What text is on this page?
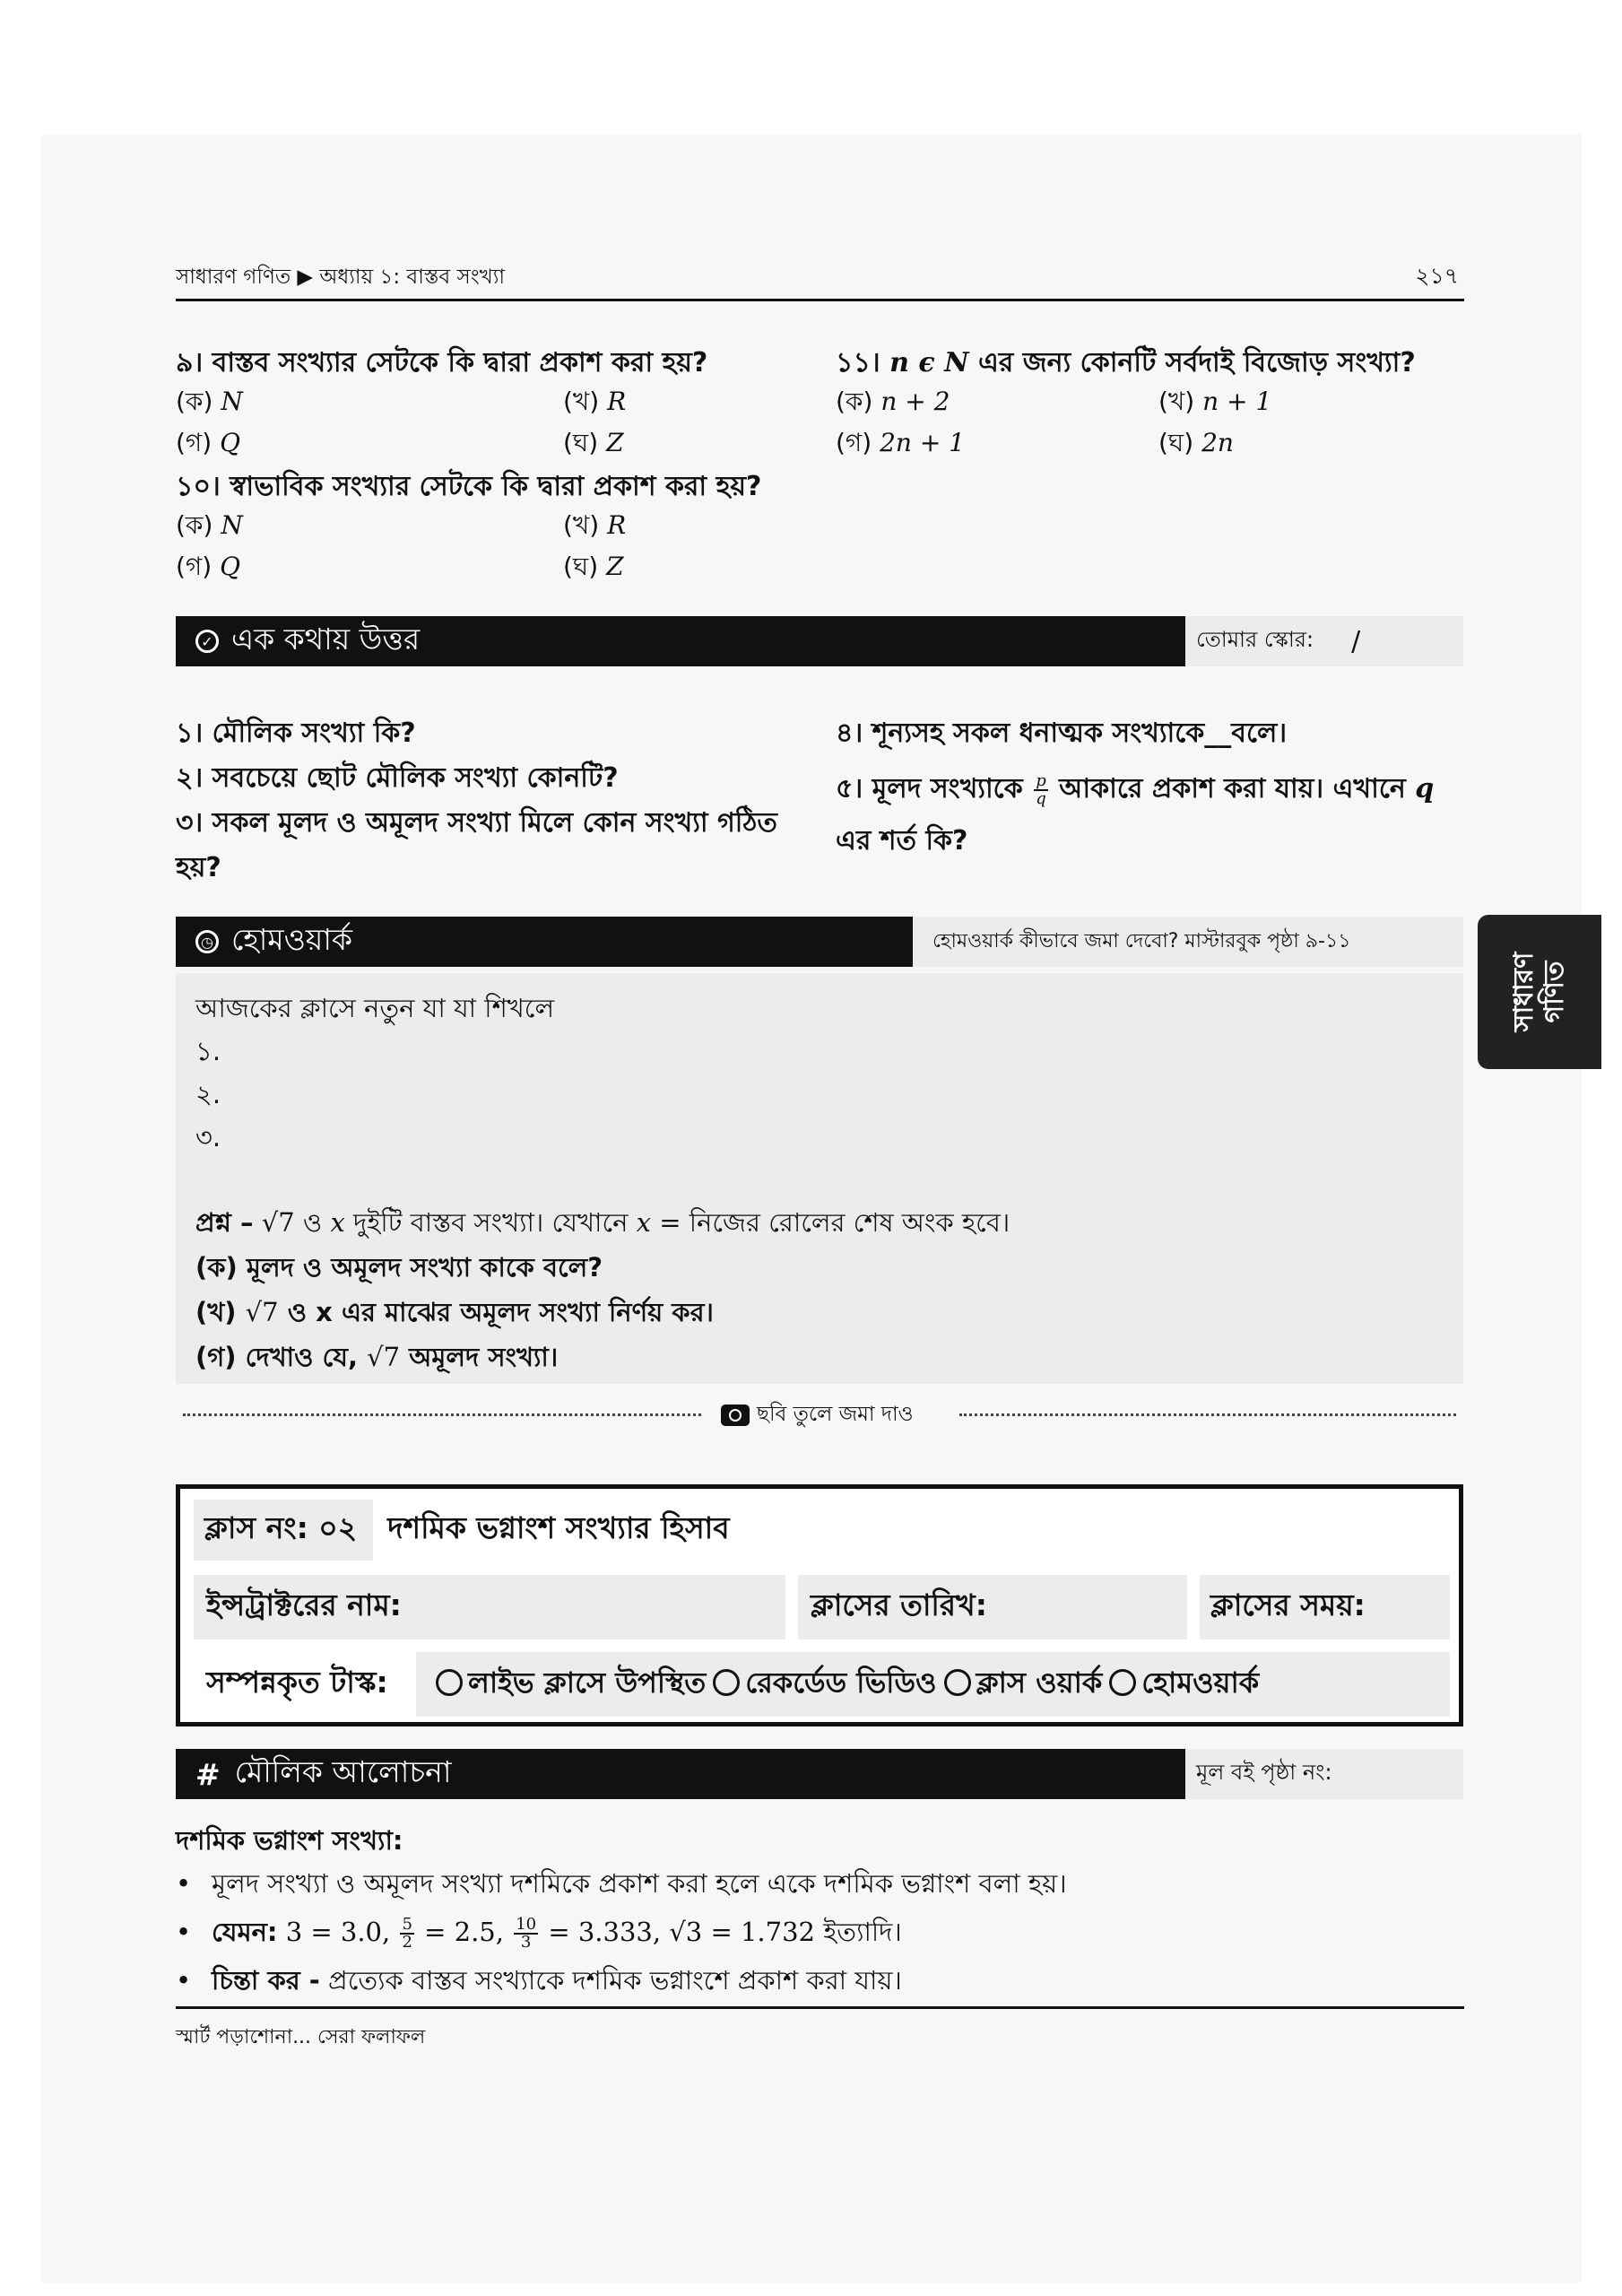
সাধারণ গণিত ▶ অধ্যায় ১: বাস্তব সংখ্যা	২১৭
৯। বাস্তব সংখ্যার সেটকে কি দ্বারা প্রকাশ করা হয়?
(ক) N	(খ) R
(গ) Q	(ঘ) Z
১০। স্বাভাবিক সংখ্যার সেটকে কি দ্বারা প্রকাশ করা হয়?
(ক) N	(খ) R
(গ) Q	(ঘ) Z
১১। n ϵ N এর জন্য কোনটি সর্বদাই বিজোড় সংখ্যা?
(ক) n + 2	(খ) n + 1
(গ) 2n + 1	(ঘ) 2n
✓ এক কথায় উত্তর	তোমার স্কোর: /
১। মৌলিক সংখ্যা কি?
২। সবচেয়ে ছোট মৌলিক সংখ্যা কোনটি?
৩। সকল মূলদ ও অমূলদ সংখ্যা মিলে কোন সংখ্যা গঠিত
হয়?
৪। শূন্যসহ সকল ধনাত্মক সংখ্যাকে__বলে।
৫। মূলদ সংখ্যাকে $\frac{p}{q}$ আকারে প্রকাশ করা যায়। এখানে q
এর শর্ত কি?
◷ হোমওয়ার্ক	হোমওয়ার্ক কীভাবে জমা দেবো? মাস্টারবুক পৃষ্ঠা ৯-১১
আজকের ক্লাসে নতুন যা যা শিখলে
১.
২.
৩.
প্রশ্ন – √7 ও x দুইটি বাস্তব সংখ্যা। যেখানে x = নিজের রোলের শেষ অংক হবে।
(ক) মূলদ ও অমূলদ সংখ্যা কাকে বলে?
(খ) √7 ও x এর মাঝের অমূলদ সংখ্যা নির্ণয় কর।
(গ) দেখাও যে, √7 অমূলদ সংখ্যা।
ছবি তুলে জমা দাও
ক্লাস নং: ০২	দশমিক ভগ্নাংশ সংখ্যার হিসাব
ইন্সট্রাক্টরের নাম:	ক্লাসের তারিখ:	ক্লাসের সময়:
সম্পন্নকৃত টাস্ক:	লাইভ ক্লাসে উপস্থিত	রেকর্ডেড ভিডিও	ক্লাস ওয়ার্ক	হোমওয়ার্ক
# মৌলিক আলোচনা	মূল বই পৃষ্ঠা নং:
দশমিক ভগ্নাংশ সংখ্যা:
• মূলদ সংখ্যা ও অমূলদ সংখ্যা দশমিকে প্রকাশ করা হলে একে দশমিক ভগ্নাংশ বলা হয়।
• যেমন: 3 = 3.0, $\frac{5}{2} = 2.5$, $\frac{10}{3} = 3.333$, √3 = 1.732 ইত্যাদি।
• চিন্তা কর - প্রত্যেক বাস্তব সংখ্যাকে দশমিক ভগ্নাংশে প্রকাশ করা যায়।
স্মার্ট পড়াশোনা... সেরা ফলাফল
সাধারণ গণিত
